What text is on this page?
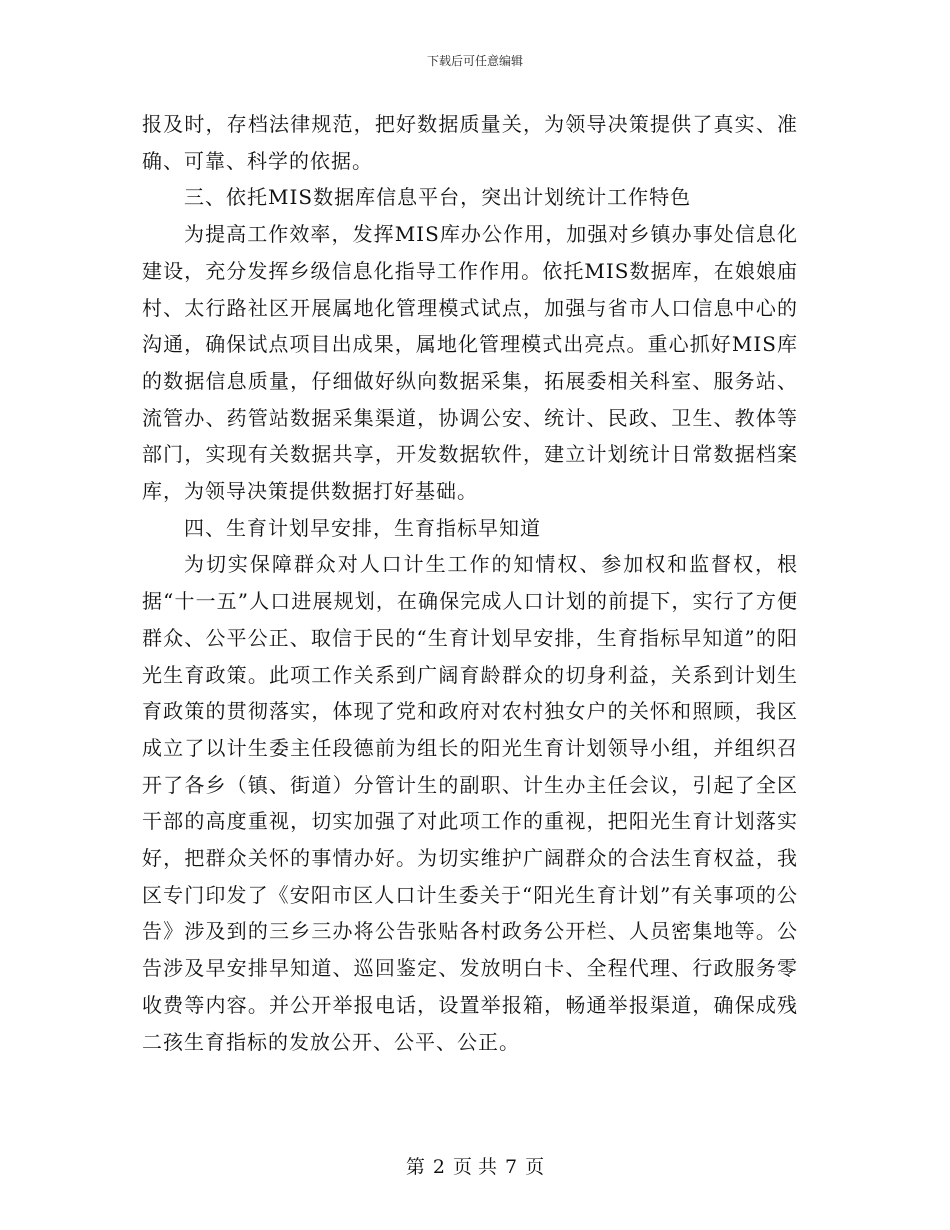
下载后可任意编辑

报及时，存档法律规范，把好数据质量关，为领导决策提供了真实、准确、可靠、科学的依据。

三、依托MIS数据库信息平台，突出计划统计工作特色

为提高工作效率，发挥MIS库办公作用，加强对乡镇办事处信息化建设，充分发挥乡级信息化指导工作作用。依托MIS数据库，在娘娘庙村、太行路社区开展属地化管理模式试点，加强与省市人口信息中心的沟通，确保试点项目出成果，属地化管理模式出亮点。重心抓好MIS库的数据信息质量，仔细做好纵向数据采集，拓展委相关科室、服务站、流管办、药管站数据采集渠道，协调公安、统计、民政、卫生、教体等部门，实现有关数据共享，开发数据软件，建立计划统计日常数据档案库，为领导决策提供数据打好基础。

四、生育计划早安排，生育指标早知道

为切实保障群众对人口计生工作的知情权、参加权和监督权，根据“十一五”人口进展规划，在确保完成人口计划的前提下，实行了方便群众、公平公正、取信于民的“生育计划早安排，生育指标早知道”的阳光生育政策。此项工作关系到广阔育龄群众的切身利益，关系到计划生育政策的贯彻落实，体现了党和政府对农村独女户的关怀和照顾，我区成立了以计生委主任段德前为组长的阳光生育计划领导小组，并组织召开了各乡（镇、街道）分管计生的副职、计生办主任会议，引起了全区干部的高度重视，切实加强了对此项工作的重视，把阳光生育计划落实好，把群众关怀的事情办好。为切实维护广阔群众的合法生育权益，我区专门印发了《安阳市区人口计生委关于“阳光生育计划”有关事项的公告》涉及到的三乡三办将公告张贴各村政务公开栏、人员密集地等。公告涉及早安排早知道、巡回鉴定、发放明白卡、全程代理、行政服务零收费等内容。并公开举报电话，设置举报箱，畅通举报渠道，确保成残二孩生育指标的发放公开、公平、公正。

第 2 页 共 7 页
